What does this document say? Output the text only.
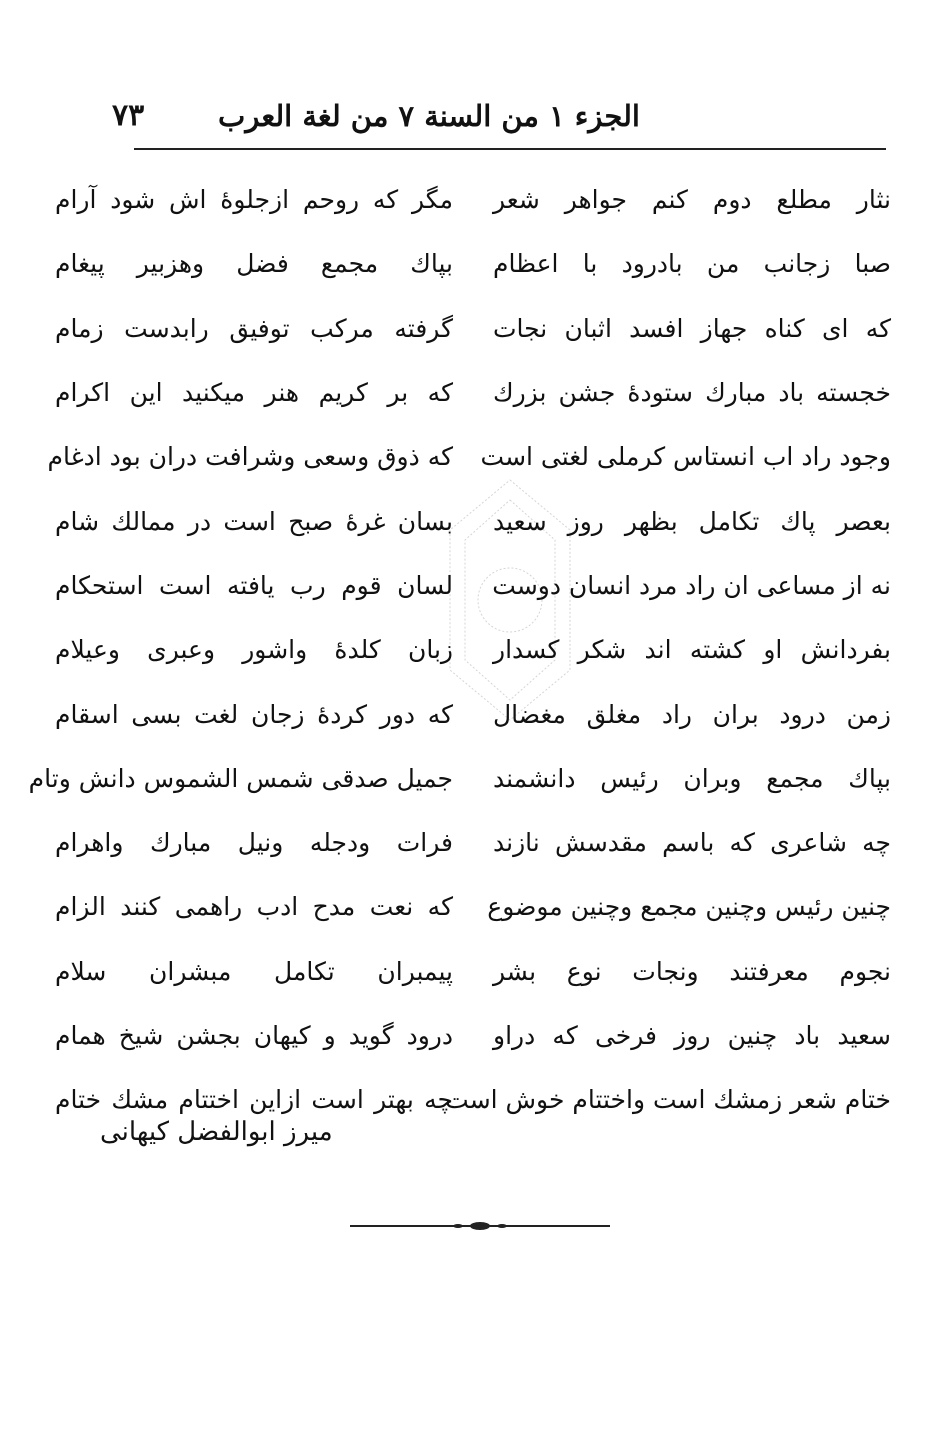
٧٣	الجزء ١ من السنة ٧ من لغة العرب
نثار مطلع دوم کنم جواهر شعر
مگر که روحم ازجلوهٔ اش شود آرام
صبا زجانب من بادرود با اعظام
بپاك مجمع فضل وهزبير پيغام
که ای کناه جهاز افسد اثبان نجات
گرفته مرکب توفیق رابدست زمام
خجسته باد مبارك ستودهٔ جشن بزرك
که بر کریم هنر میکنید این اکرام
وجود راد اب انستاس کرملی لغتی است
که ذوق وسعی وشرافت دران بود ادغام
بعصر پاك تکامل بظهر روز سعید
بسان غرهٔ صبح است در ممالك شام
نه از مساعی ان راد مرد انسان دوست
لسان قوم رب یافته است استحکام
بفردانش او کشته اند شکر کسدار
زبان کلدهٔ واشور وعبری وعیلام
زمن درود بران راد مغلق مغضال
که دور کردهٔ زجان لغت بسی اسقام
بپاك مجمع وبران رئيس دانشمند
جمیل صدقی شمس الشموس دانش وتام
چه شاعری که باسم مقدسش نازند
فرات ودجله ونیل مبارك واهرام
چنین رئیس وچنین مجمع وچنین موضوع
که نعت مدح ادب راهمی کنند الزام
نجوم معرفتند ونجات نوع بشر
پیمبران تکامل مبشران سلام
سعید باد چنین روز فرخی که دراو
درود گوید و کیهان بجشن شیخ همام
ختام شعر زمشك است واختتام خوش است
چه بهتر است ازاین اختتام مشك ختام
میرز ابوالفضل کیهانی
